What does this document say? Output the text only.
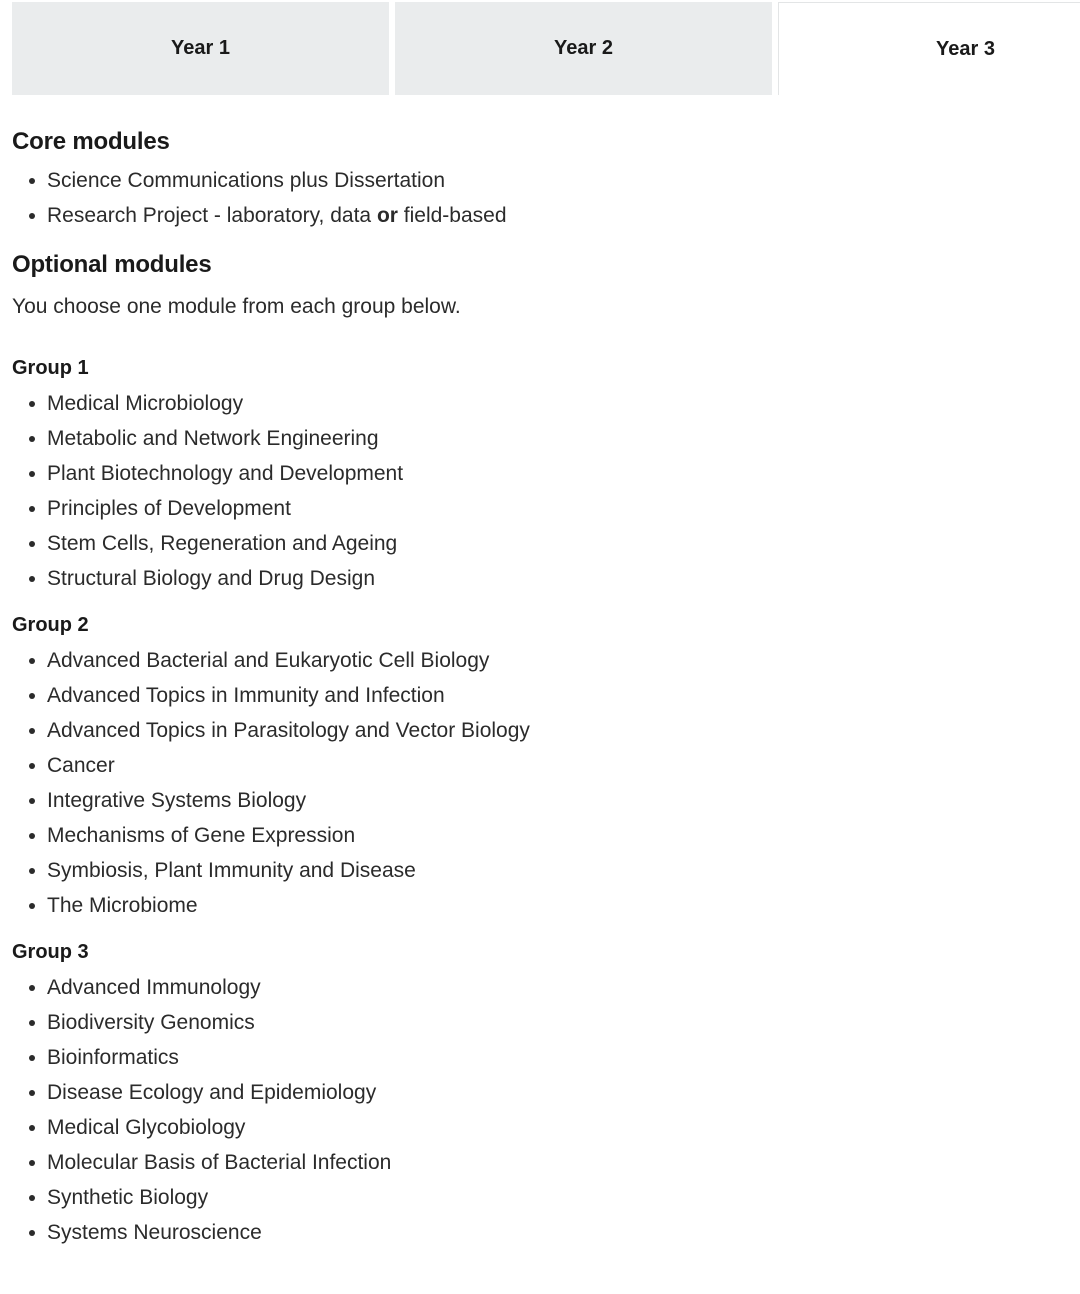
Year 1	Year 2	Year 3
Core modules
Science Communications plus Dissertation
Research Project - laboratory, data or field-based
Optional modules

You choose one module from each group below.

Group 1
Medical Microbiology
Metabolic and Network Engineering
Plant Biotechnology and Development
Principles of Development
Stem Cells, Regeneration and Ageing
Structural Biology and Drug Design
Group 2
Advanced Bacterial and Eukaryotic Cell Biology
Advanced Topics in Immunity and Infection
Advanced Topics in Parasitology and Vector Biology
Cancer
Integrative Systems Biology
Mechanisms of Gene Expression
Symbiosis, Plant Immunity and Disease
The Microbiome
Group 3
Advanced Immunology
Biodiversity Genomics
Bioinformatics
Disease Ecology and Epidemiology
Medical Glycobiology
Molecular Basis of Bacterial Infection
Synthetic Biology
Systems Neuroscience
